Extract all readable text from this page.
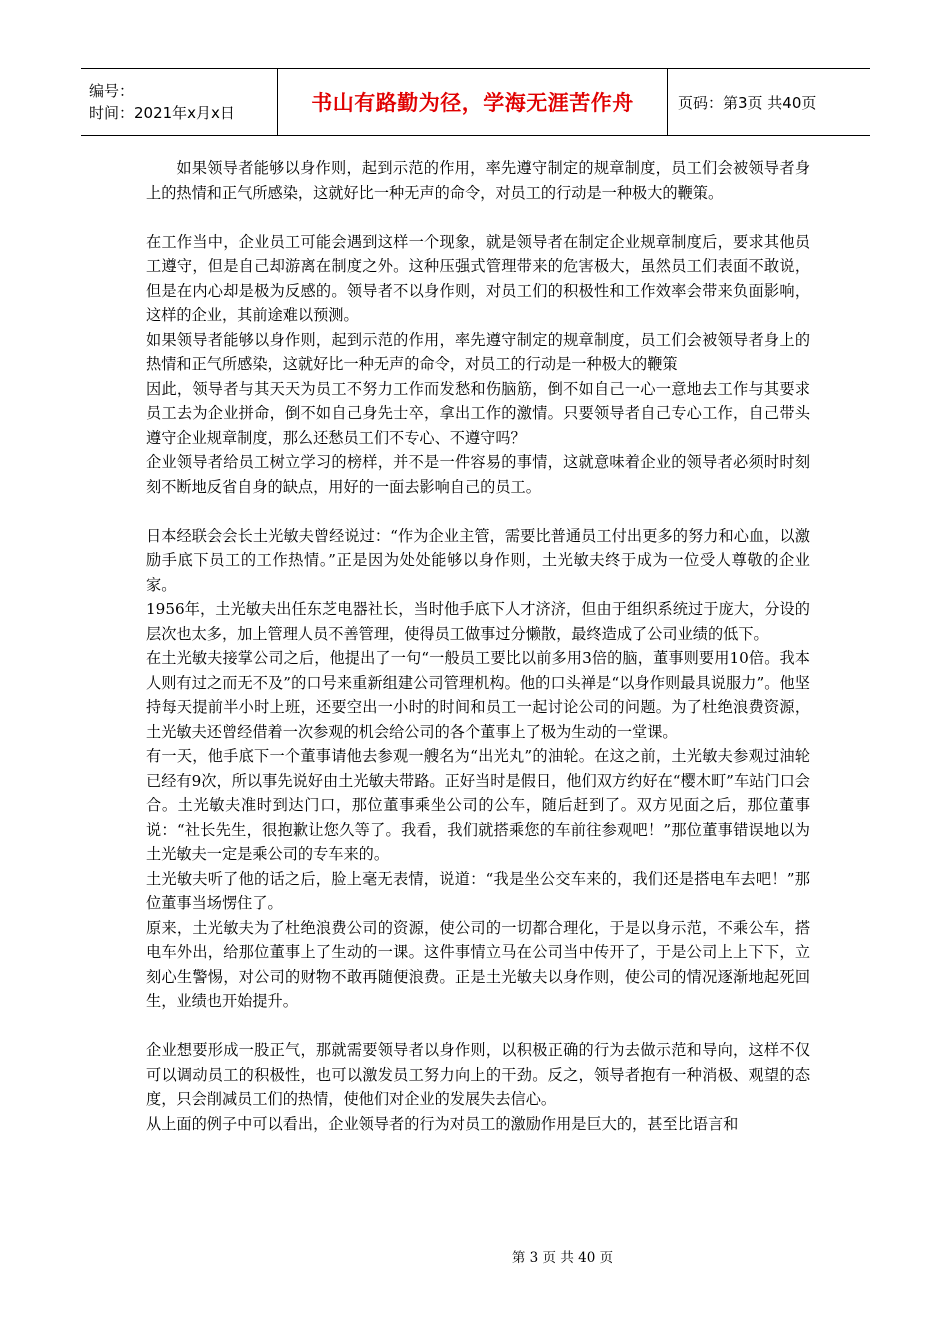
编号：
时间：2021年x月x日	书山有路勤为径，学海无涯苦作舟	页码：第3页 共40页

如果领导者能够以身作则，起到示范的作用，率先遵守制定的规章制度，员工们会被领导者身上的热情和正气所感染，这就好比一种无声的命令，对员工的行动是一种极大的鞭策。

在工作当中，企业员工可能会遇到这样一个现象，就是领导者在制定企业规章制度后，要求其他员工遵守，但是自己却游离在制度之外。这种压强式管理带来的危害极大，虽然员工们表面不敢说，但是在内心却是极为反感的。领导者不以身作则，对员工们的积极性和工作效率会带来负面影响，这样的企业，其前途难以预测。

如果领导者能够以身作则，起到示范的作用，率先遵守制定的规章制度，员工们会被领导者身上的热情和正气所感染，这就好比一种无声的命令，对员工的行动是一种极大的鞭策

因此，领导者与其天天为员工不努力工作而发愁和伤脑筋，倒不如自己一心一意地去工作与其要求员工去为企业拼命，倒不如自己身先士卒，拿出工作的激情。只要领导者自己专心工作，自己带头遵守企业规章制度，那么还愁员工们不专心、不遵守吗？

企业领导者给员工树立学习的榜样，并不是一件容易的事情，这就意味着企业的领导者必须时时刻刻不断地反省自身的缺点，用好的一面去影响自己的员工。

日本经联会会长土光敏夫曾经说过：“作为企业主管，需要比普通员工付出更多的努力和心血，以激励手底下员工的工作热情。”正是因为处处能够以身作则，土光敏夫终于成为一位受人尊敬的企业家。

1956年，土光敏夫出任东芝电器社长，当时他手底下人才济济，但由于组织系统过于庞大，分设的层次也太多，加上管理人员不善管理，使得员工做事过分懒散，最终造成了公司业绩的低下。

在土光敏夫接掌公司之后，他提出了一句“一般员工要比以前多用3倍的脑，董事则要用10倍。我本人则有过之而无不及”的口号来重新组建公司管理机构。他的口头禅是“以身作则最具说服力”。他坚持每天提前半小时上班，还要空出一小时的时间和员工一起讨论公司的问题。为了杜绝浪费资源，土光敏夫还曾经借着一次参观的机会给公司的各个董事上了极为生动的一堂课。

有一天，他手底下一个董事请他去参观一艘名为“出光丸”的油轮。在这之前，土光敏夫参观过油轮已经有9次，所以事先说好由土光敏夫带路。正好当时是假日，他们双方约好在“樱木町”车站门口会合。土光敏夫准时到达门口，那位董事乘坐公司的公车，随后赶到了。双方见面之后，那位董事说：“社长先生，很抱歉让您久等了。我看，我们就搭乘您的车前往参观吧！”那位董事错误地以为土光敏夫一定是乘公司的专车来的。

土光敏夫听了他的话之后，脸上毫无表情，说道：“我是坐公交车来的，我们还是搭电车去吧！”那位董事当场愣住了。

原来，土光敏夫为了杜绝浪费公司的资源，使公司的一切都合理化，于是以身示范，不乘公车，搭电车外出，给那位董事上了生动的一课。这件事情立马在公司当中传开了，于是公司上上下下，立刻心生警惕，对公司的财物不敢再随便浪费。正是土光敏夫以身作则，使公司的情况逐渐地起死回生，业绩也开始提升。

企业想要形成一股正气，那就需要领导者以身作则，以积极正确的行为去做示范和导向，这样不仅可以调动员工的积极性，也可以激发员工努力向上的干劲。反之，领导者抱有一种消极、观望的态度，只会削减员工们的热情，使他们对企业的发展失去信心。

从上面的例子中可以看出，企业领导者的行为对员工的激励作用是巨大的，甚至比语言和

第 3 页 共 40 页
